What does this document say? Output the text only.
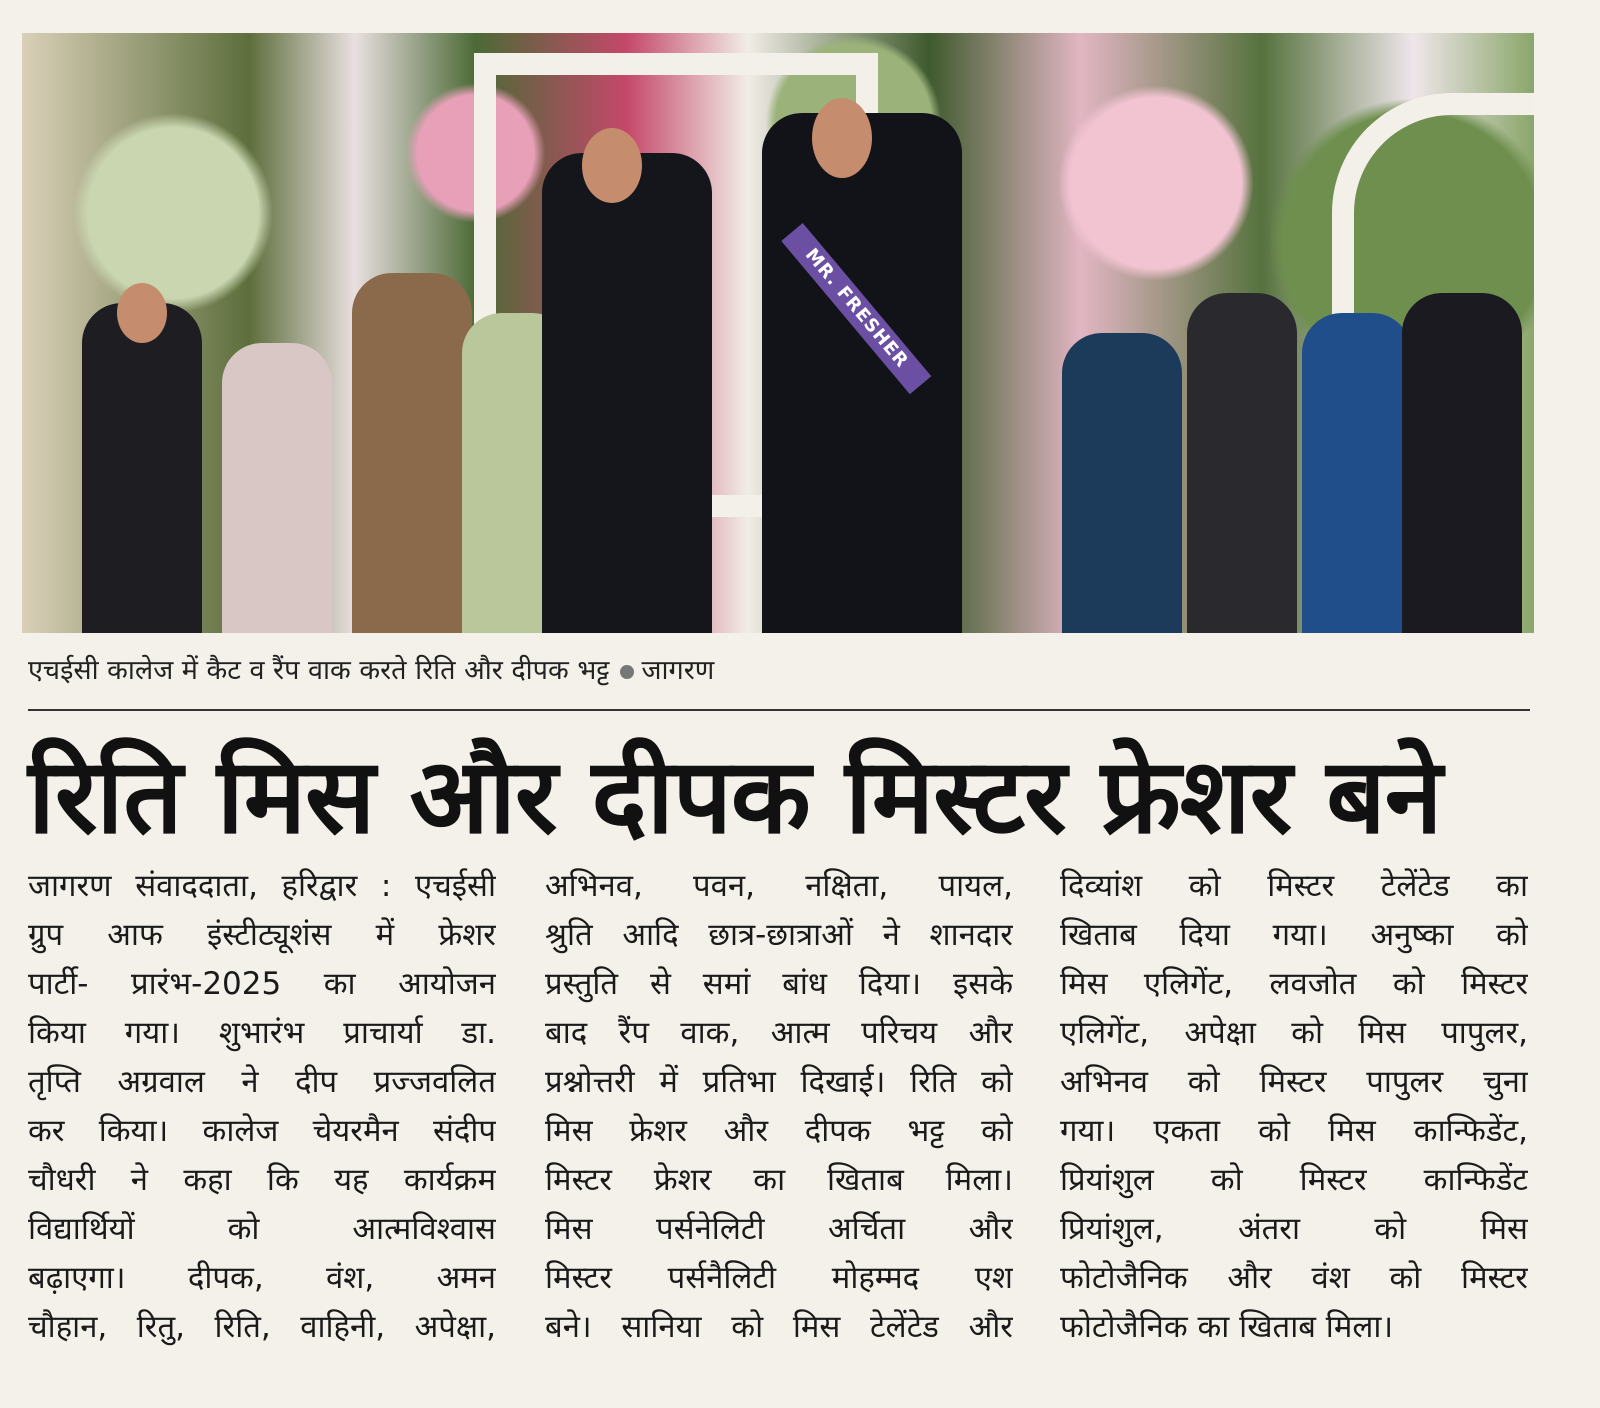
MR. FRESHER
एचईसी कालेज में कैट व रैंप वाक करते रिति और दीपक भट्ट जागरण
रिति मिस और दीपक मिस्टर फ्रेशर बने
जागरण संवाददाता, हरिद्वार : एचईसी
ग्रुप आफ इंस्टीट्यूशंस में फ्रेशर
पार्टी- प्रारंभ-2025 का आयोजन
किया गया। शुभारंभ प्राचार्या डा.
तृप्ति अग्रवाल ने दीप प्रज्जवलित
कर किया। कालेज चेयरमैन संदीप
चौधरी ने कहा कि यह कार्यक्रम
विद्यार्थियों को आत्मविश्वास
बढ़ाएगा। दीपक, वंश, अमन
चौहान, रितु, रिति, वाहिनी, अपेक्षा,
अभिनव, पवन, नक्षिता, पायल,
श्रुति आदि छात्र-छात्राओं ने शानदार
प्रस्तुति से समां बांध दिया। इसके
बाद रैंप वाक, आत्म परिचय और
प्रश्नोत्तरी में प्रतिभा दिखाई। रिति को
मिस फ्रेशर और दीपक भट्ट को
मिस्टर फ्रेशर का खिताब मिला।
मिस पर्सनेलिटी अर्चिता और
मिस्टर पर्सनैलिटी मोहम्मद एश
बने। सानिया को मिस टेलेंटेड और
दिव्यांश को मिस्टर टेलेंटेड का
खिताब दिया गया। अनुष्का को
मिस एलिगेंट, लवजोत को मिस्टर
एलिगेंट, अपेक्षा को मिस पापुलर,
अभिनव को मिस्टर पापुलर चुना
गया। एकता को मिस कान्फिडेंट,
प्रियांशुल को मिस्टर कान्फिडेंट
प्रियांशुल, अंतरा को मिस
फोटोजैनिक और वंश को मिस्टर
फोटोजैनिक का खिताब मिला।
